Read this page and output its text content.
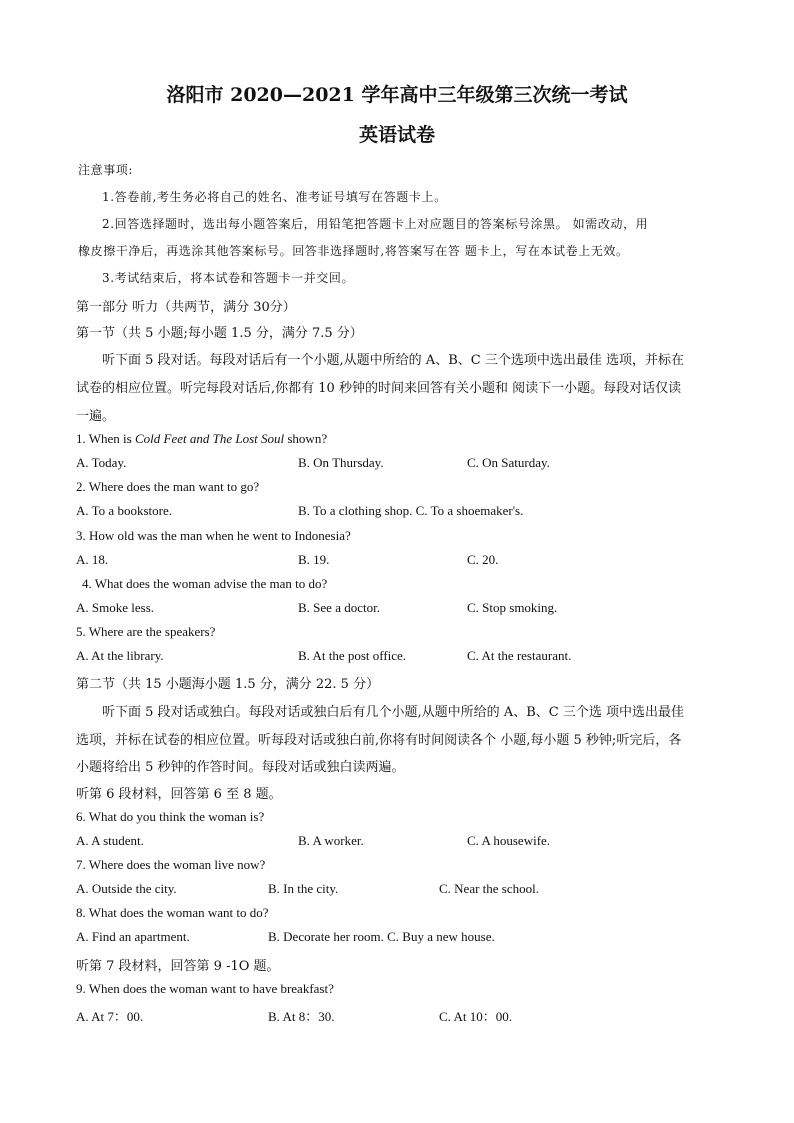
洛阳市 2020—2021 学年高中三年级第三次统一考试
英语试卷
注意事项:
1.答卷前,考生务必将自己的姓名、准考证号填写在答题卡上。
2.回答选择题时，选出每小题答案后，用铅笔把答题卡上对应题目的答案标号涂黑。 如需改动，用
橡皮擦干净后，再选涂其他答案标号。回答非选择题时,将答案写在答 题卡上，写在本试卷上无效。
3.考试结束后，将本试卷和答题卡一并交回。
第一部分 听力（共两节，满分 30分）
第一节（共 5 小题;每小题 1.5 分，满分 7.5 分）
听下面 5 段对话。每段对话后有一个小题,从题中所给的 A、B、C 三个选项中选出最佳 选项，并标在
试卷的相应位置。听完每段对话后,你都有 10 秒钟的时间来回答有关小题和 阅读下一小题。每段对话仅读
一遍。
1. When is Cold Feet and The Lost Soul shown?
A. Today.	B. On Thursday.	C. On Saturday.
2. Where does the man want to go?
A. To a bookstore.	B. To a clothing shop. C. To a shoemaker's.
3. How old was the man when he went to Indonesia?
A. 18.	B. 19.	C. 20.
4. What does the woman advise the man to do?
A. Smoke less.	B. See a doctor.	C. Stop smoking.
5. Where are the speakers?
A. At the library.	B. At the post office.	C. At the restaurant.
第二节（共 15 小题海小题 1.5 分，满分 22. 5 分）
听下面 5 段对话或独白。每段对话或独白后有几个小题,从题中所给的 A、B、C 三个选 项中选出最佳
选项，并标在试卷的相应位置。听每段对话或独白前,你将有时间阅读各个 小题,每小题 5 秒钟;听完后，各
小题将给出 5 秒钟的作答时间。每段对话或独白读两遍。
听第 6 段材料，回答第 6 至 8 题。
6. What do you think the woman is?
A. A student.	B. A worker.	C. A housewife.
7. Where does the woman live now?
A. Outside the city.	B. In the city.	C. Near the school.
8. What does the woman want to do?
A. Find an apartment.	B. Decorate her room. C. Buy a new house.
听第 7 段材料，回答第 9 -1O 题。
9. When does the woman want to have breakfast?
A. At 7：00.	B. At 8：30.	C. At 10：00.
